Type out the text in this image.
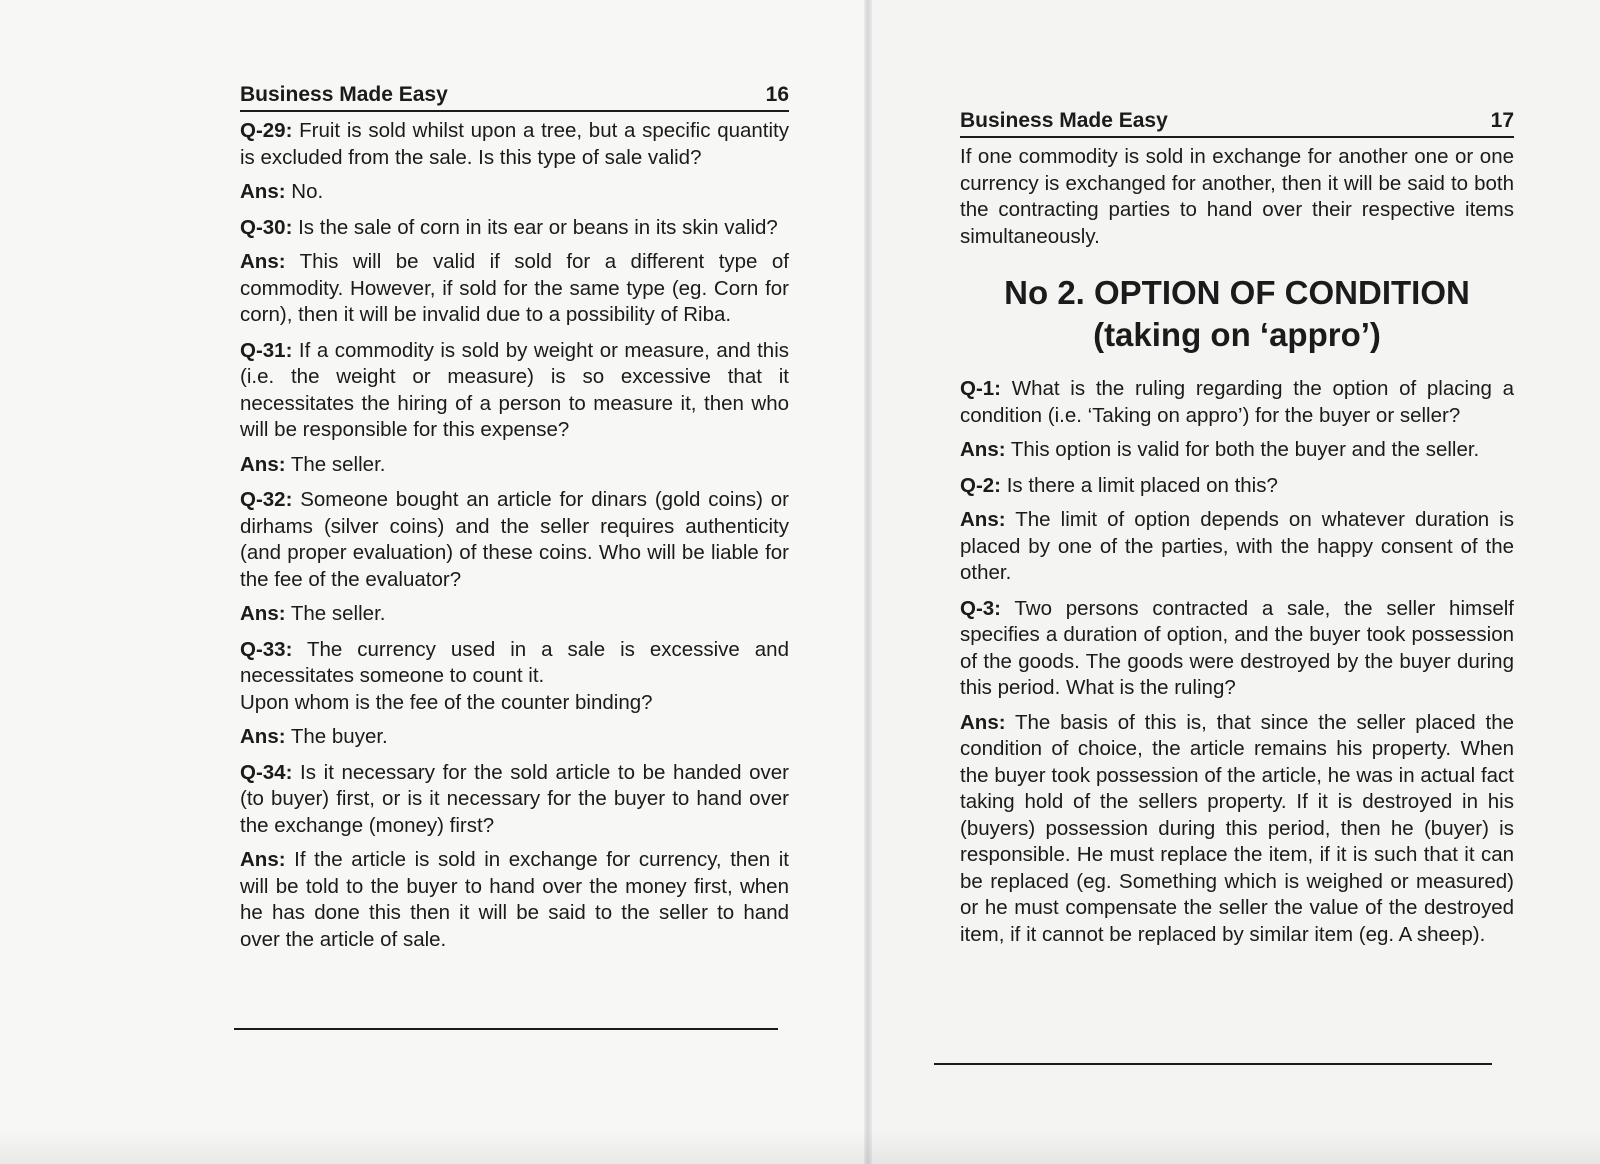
Business Made Easy	16

Q-29: Fruit is sold whilst upon a tree, but a specific quantity is excluded from the sale. Is this type of sale valid?

Ans: No.

Q-30: Is the sale of corn in its ear or beans in its skin valid?

Ans: This will be valid if sold for a different type of commodity. However, if sold for the same type (eg. Corn for corn), then it will be invalid due to a possibility of Riba.

Q-31: If a commodity is sold by weight or measure, and this (i.e. the weight or measure) is so excessive that it necessitates the hiring of a person to measure it, then who will be responsible for this expense?

Ans: The seller.

Q-32: Someone bought an article for dinars (gold coins) or dirhams (silver coins) and the seller requires authenticity (and proper evaluation) of these coins. Who will be liable for the fee of the evaluator?

Ans: The seller.

Q-33: The currency used in a sale is excessive and necessitates someone to count it.
Upon whom is the fee of the counter binding?

Ans: The buyer.

Q-34: Is it necessary for the sold article to be handed over (to buyer) first, or is it necessary for the buyer to hand over the exchange (money) first?

Ans: If the article is sold in exchange for currency, then it will be told to the buyer to hand over the money first, when he has done this then it will be said to the seller to hand over the article of sale.

Business Made Easy	17

If one commodity is sold in exchange for another one or one currency is exchanged for another, then it will be said to both the contracting parties to hand over their respective items simultaneously.

No 2. OPTION OF CONDITION
(taking on ‘appro’)

Q-1: What is the ruling regarding the option of placing a condition (i.e. ‘Taking on appro’) for the buyer or seller?

Ans: This option is valid for both the buyer and the seller.

Q-2: Is there a limit placed on this?

Ans: The limit of option depends on whatever duration is placed by one of the parties, with the happy consent of the other.

Q-3: Two persons contracted a sale, the seller himself specifies a duration of option, and the buyer took possession of the goods. The goods were destroyed by the buyer during this period. What is the ruling?

Ans: The basis of this is, that since the seller placed the condition of choice, the article remains his property. When the buyer took possession of the article, he was in actual fact taking hold of the sellers property. If it is destroyed in his (buyers) possession during this period, then he (buyer) is responsible. He must replace the item, if it is such that it can be replaced (eg. Something which is weighed or measured) or he must compensate the seller the value of the destroyed item, if it cannot be replaced by similar item (eg. A sheep).
